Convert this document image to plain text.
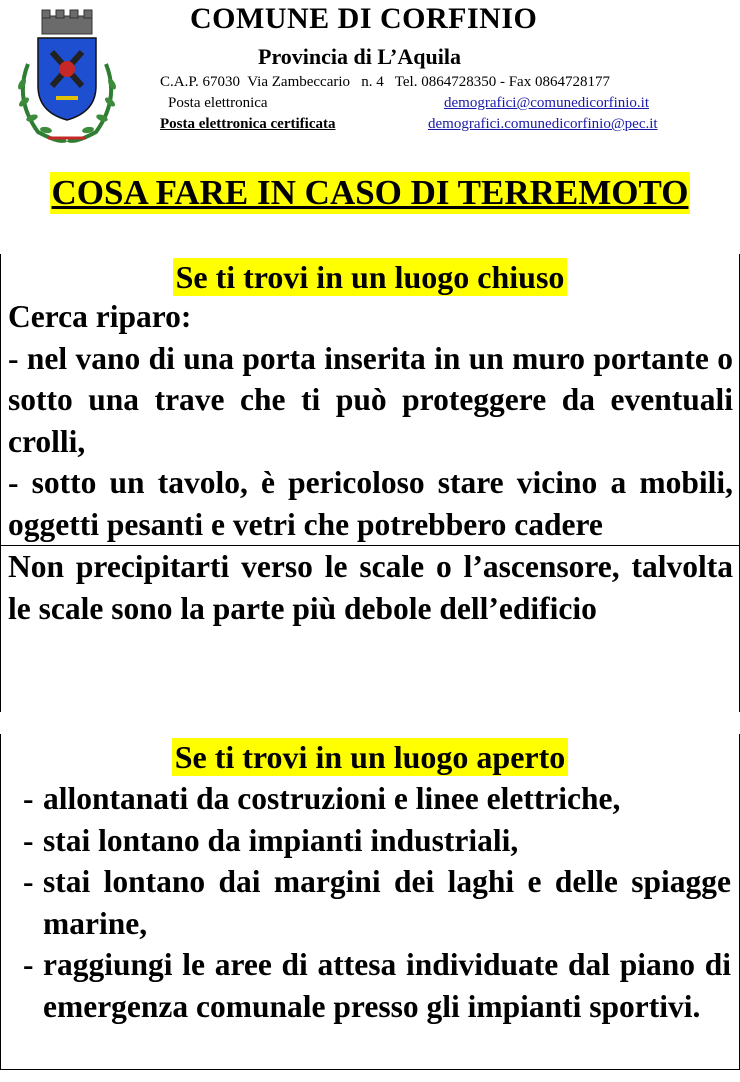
COMUNE DI CORFINIO
Provincia di L’Aquila
C.A.P. 67030  Via Zambeccario   n. 4   Tel. 0864728350 - Fax 0864728177
Posta elettronica	demografici@comunedicorfinio.it
Posta elettronica certificata	demografici.comunedicorfinio@pec.it
COSA FARE IN CASO DI TERREMOTO
Se ti trovi in un luogo chiuso
Cerca riparo:
- nel vano di una porta inserita in un muro portante o sotto una trave che ti può proteggere da eventuali crolli,
- sotto un tavolo, è pericoloso stare vicino a mobili, oggetti pesanti e vetri che potrebbero cadere
Non precipitarti verso le scale o l’ascensore, talvolta le scale sono la parte più debole dell’edificio
Se ti trovi in un luogo aperto
- allontanati da costruzioni e linee elettriche,
- stai lontano da impianti industriali,
- stai lontano dai margini dei laghi e delle spiagge marine,
- raggiungi le aree di attesa individuate dal piano di emergenza comunale presso gli impianti sportivi.
